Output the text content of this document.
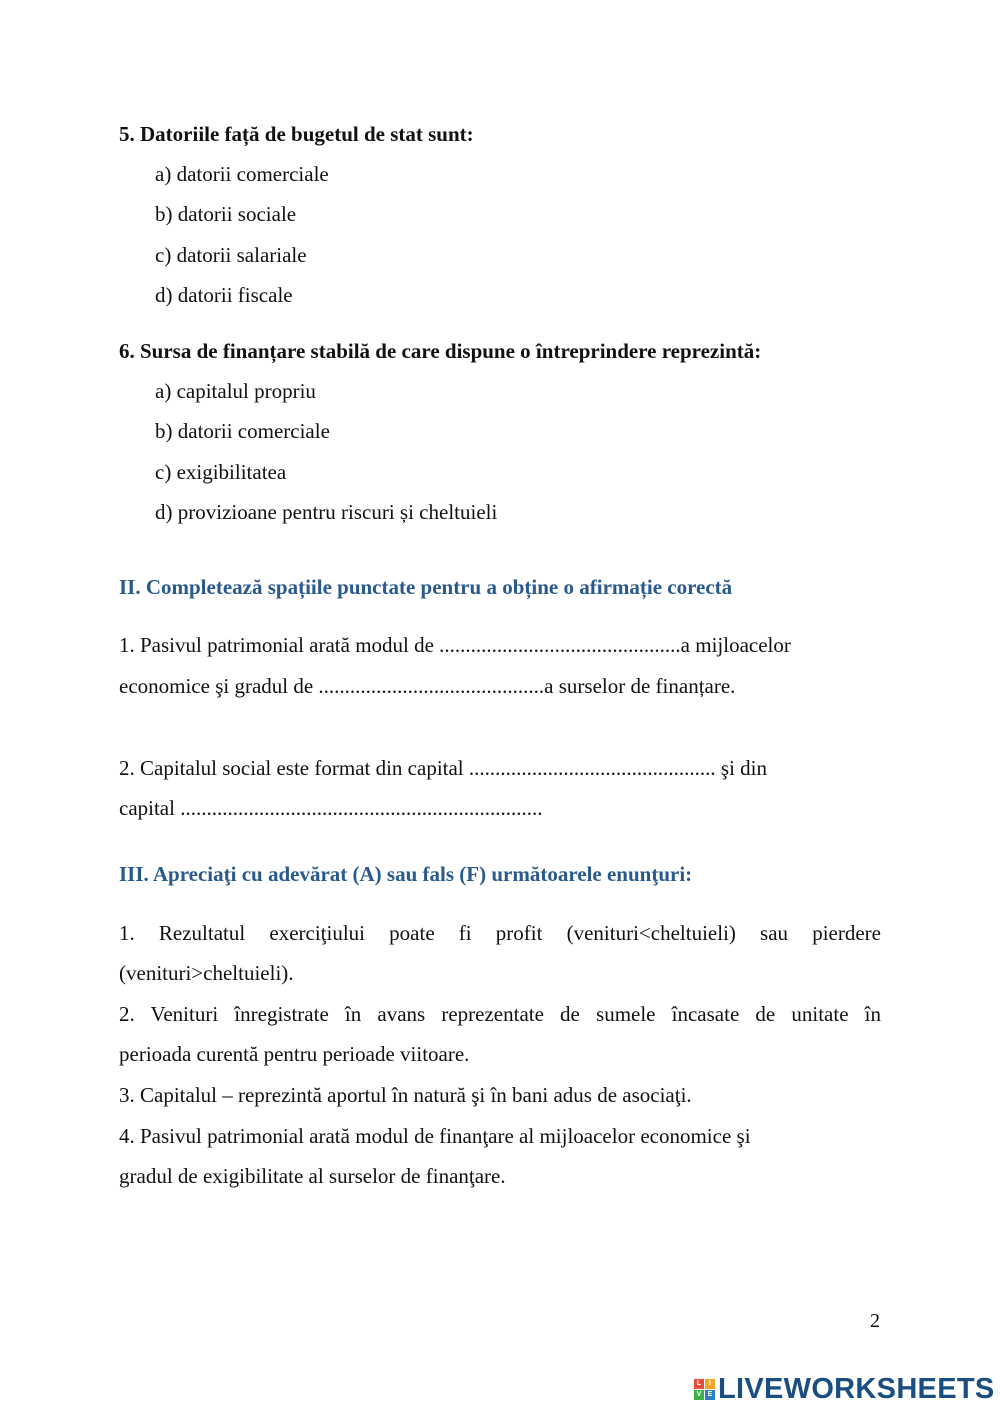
5. Datoriile față de bugetul de stat sunt:
a) datorii comerciale
b) datorii sociale
c) datorii salariale
d) datorii fiscale
6. Sursa de finanțare stabilă de care dispune o întreprindere reprezintă:
a) capitalul propriu
b) datorii comerciale
c) exigibilitatea
d) provizioane pentru riscuri și cheltuieli
II. Completează spațiile punctate pentru a obține o afirmație corectă
1. Pasivul patrimonial arată modul de ..............................................a mijloacelor
economice şi gradul de ...........................................a surselor de finanțare.
2. Capitalul social este format din capital ............................................... şi din
capital .....................................................................
III. Apreciaţi cu adevărat (A) sau fals (F) următoarele enunţuri:
1. Rezultatul exerciţiului poate fi profit (venituri<cheltuieli) sau pierdere
(venituri>cheltuieli).
2. Venituri înregistrate în avans reprezentate de sumele încasate de unitate în
perioada curentă pentru perioade viitoare.
3. Capitalul – reprezintă aportul în natură şi în bani adus de asociaţi.
4. Pasivul patrimonial arată modul de finanţare al mijloacelor economice şi
gradul de exigibilitate al surselor de finanţare.
2
L	I
V E LIVEWORKSHEETS
